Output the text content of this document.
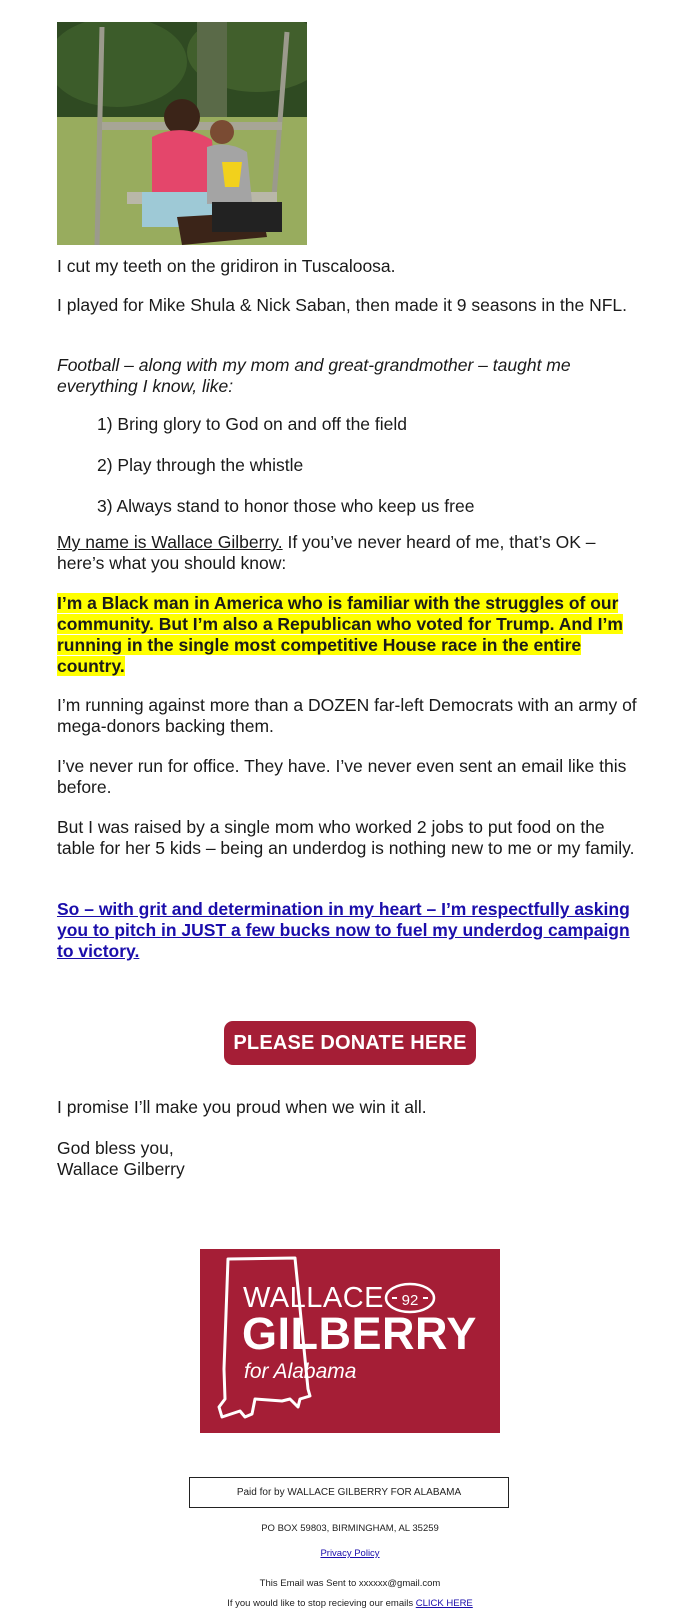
I cut my teeth on the gridiron in Tuscaloosa.

I played for Mike Shula & Nick Saban, then made it 9 seasons in the NFL.

Football – along with my mom and great-grandmother – taught me everything I know, like:

1) Bring glory to God on and off the field

2) Play through the whistle

3) Always stand to honor those who keep us free

My name is Wallace Gilberry. If you’ve never heard of me, that’s OK – here’s what you should know:

I’m a Black man in America who is familiar with the struggles of our community. But I’m also a Republican who voted for Trump. And I’m running in the single most competitive House race in the entire country.

I’m running against more than a DOZEN far-left Democrats with an army of mega-donors backing them.

I’ve never run for office. They have. I’ve never even sent an email like this before.

But I was raised by a single mom who worked 2 jobs to put food on the table for her 5 kids – being an underdog is nothing new to me or my family.

So – with grit and determination in my heart – I’m respectfully asking you to pitch in JUST a few bucks now to fuel my underdog campaign to victory.

PLEASE DONATE HERE

I promise I’ll make you proud when we win it all.

God bless you,

Wallace Gilberry

WALLACE 92
GILBERRY
for Alabama
Paid for by WALLACE GILBERRY FOR ALABAMA
PO BOX 59803, BIRMINGHAM, AL 35259
Privacy Policy
This Email was Sent to xxxxxx@gmail.com
If you would like to stop recieving our emails CLICK HERE
